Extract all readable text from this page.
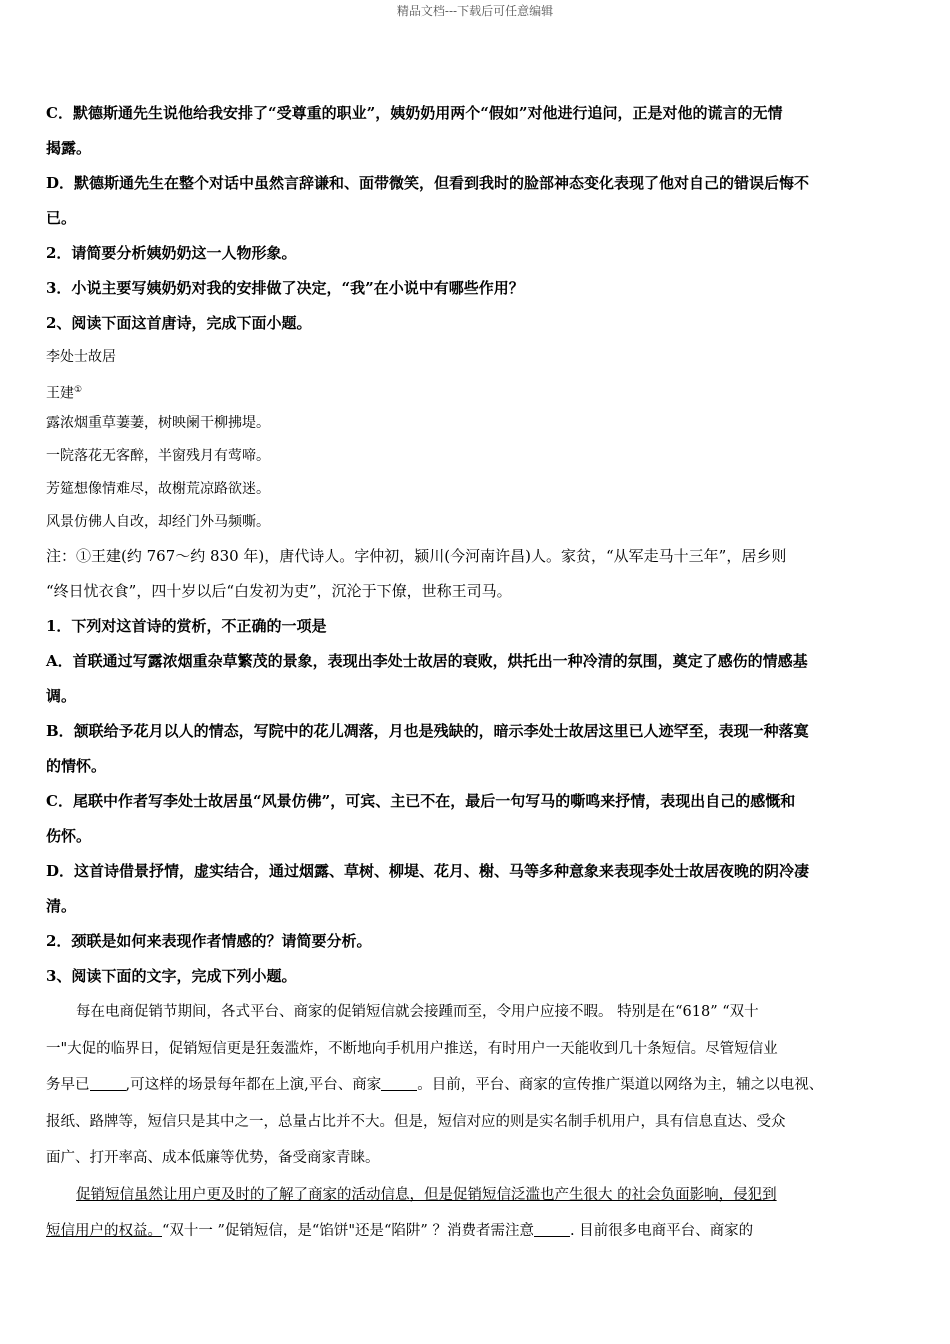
精品文档---下载后可任意编辑

C．默德斯通先生说他给我安排了“受尊重的职业”，姨奶奶用两个“假如”对他进行追问，正是对他的谎言的无情

揭露。

D．默德斯通先生在整个对话中虽然言辞谦和、面带微笑，但看到我时的脸部神态变化表现了他对自己的错误后悔不

已。

2．请简要分析姨奶奶这一人物形象。

3．小说主要写姨奶奶对我的安排做了决定，“我”在小说中有哪些作用？

2、阅读下面这首唐诗，完成下面小题。

李处士故居

王建①

露浓烟重草萋萋，树映阑干柳拂堤。

一院落花无客醉，半窗残月有莺啼。

芳筵想像情难尽，故榭荒凉路欲迷。

风景仿佛人自改，却经门外马频嘶。

注：①王建(约 767～约 830 年)，唐代诗人。字仲初，颍川(今河南许昌)人。家贫，“从军走马十三年”，居乡则

“终日忧衣食”，四十岁以后“白发初为吏”，沉沦于下僚，世称王司马。

1．下列对这首诗的赏析，不正确的一项是

A．首联通过写露浓烟重杂草繁茂的景象，表现出李处士故居的衰败，烘托出一种冷清的氛围，奠定了感伤的情感基

调。

B．颔联给予花月以人的情态，写院中的花儿凋落，月也是残缺的，暗示李处士故居这里已人迹罕至，表现一种落寞

的情怀。

C．尾联中作者写李处士故居虽“风景仿佛”，可宾、主已不在，最后一句写马的嘶鸣来抒情，表现出自己的感慨和

伤怀。

D．这首诗借景抒情，虚实结合，通过烟露、草树、柳堤、花月、榭、马等多种意象来表现李处士故居夜晚的阴冷凄

清。

2．颈联是如何来表现作者情感的？请简要分析。

3、阅读下面的文字，完成下列小题。

每在电商促销节期间，各式平台、商家的促销短信就会接踵而至，令用户应接不暇。 特别是在“618” “双十

一"大促的临界日，促销短信更是狂轰滥炸，不断地向手机用户推送，有时用户一天能收到几十条短信。尽管短信业

务早已 ,可这样的场景每年都在上演,平台、商家 。目前，平台、商家的宣传推广渠道以网络为主，辅之以电视、

报纸、路牌等，短信只是其中之一，总量占比并不大。但是，短信对应的则是实名制手机用户，具有信息直达、受众

面广、打开率高、成本低廉等优势，备受商家青睐。

促销短信虽然让用户更及时的了解了商家的活动信息，但是促销短信泛滥也产生很大 的社会负面影响，侵犯到

短信用户的权益。“双十一 ”促销短信，是“馅饼"还是“陷阱” ？消费者需注意 . 目前很多电商平台、商家的
